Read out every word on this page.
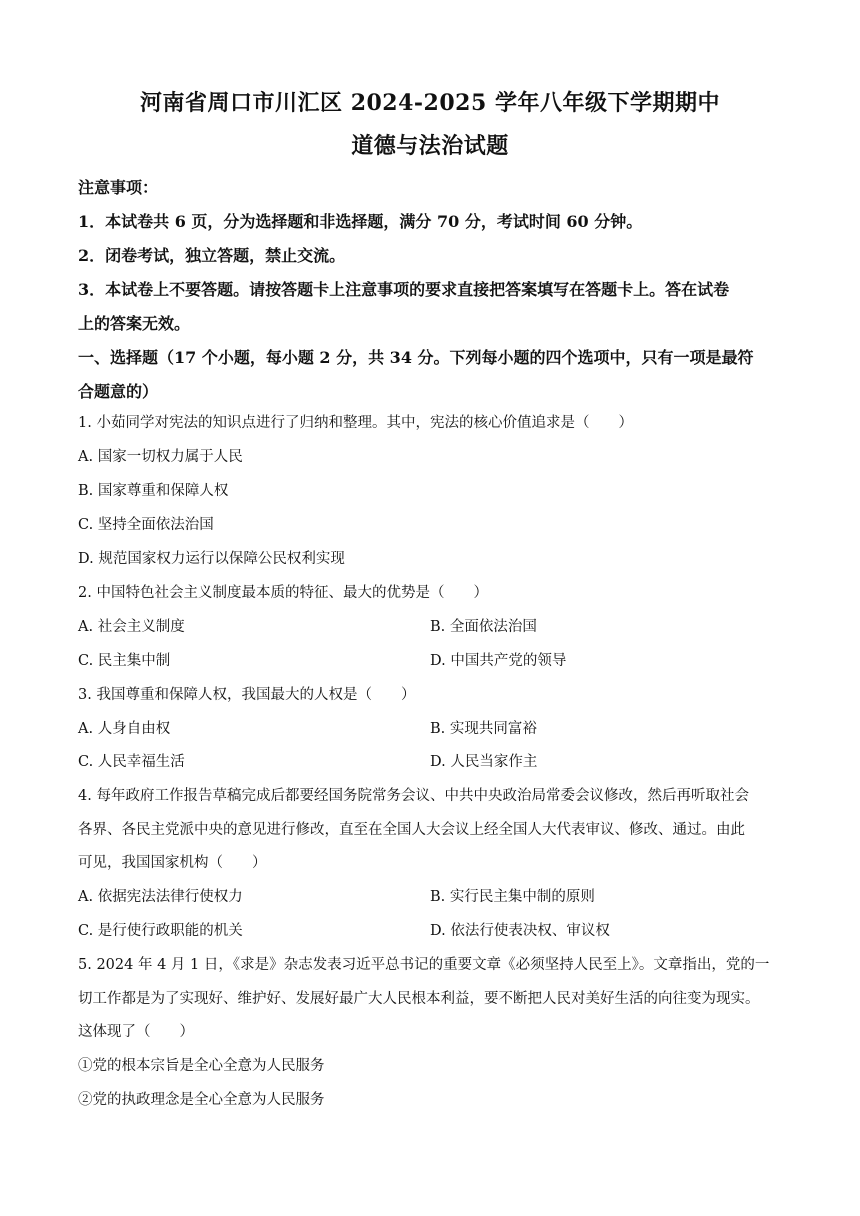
河南省周口市川汇区 2024-2025 学年八年级下学期期中
道德与法治试题
注意事项：
1．本试卷共 6 页，分为选择题和非选择题，满分 70 分，考试时间 60 分钟。
2．闭卷考试，独立答题，禁止交流。
3．本试卷上不要答题。请按答题卡上注意事项的要求直接把答案填写在答题卡上。答在试卷
上的答案无效。
一、选择题（17 个小题，每小题 2 分，共 34 分。下列每小题的四个选项中，只有一项是最符
合题意的）
1. 小茹同学对宪法的知识点进行了归纳和整理。其中，宪法的核心价值追求是（　　）
A. 国家一切权力属于人民
B. 国家尊重和保障人权
C. 坚持全面依法治国
D. 规范国家权力运行以保障公民权利实现
2. 中国特色社会主义制度最本质的特征、最大的优势是（　　）
A. 社会主义制度	B. 全面依法治国
C. 民主集中制	D. 中国共产党的领导
3. 我国尊重和保障人权，我国最大的人权是（　　）
A. 人身自由权	B. 实现共同富裕
C. 人民幸福生活	D. 人民当家作主
4. 每年政府工作报告草稿完成后都要经国务院常务会议、中共中央政治局常委会议修改，然后再听取社会
各界、各民主党派中央的意见进行修改，直至在全国人大会议上经全国人大代表审议、修改、通过。由此
可见，我国国家机构（　　）
A. 依据宪法法律行使权力	B. 实行民主集中制的原则
C. 是行使行政职能的机关	D. 依法行使表决权、审议权
5. 2024 年 4 月 1 日，《求是》杂志发表习近平总书记的重要文章《必须坚持人民至上》。文章指出，党的一
切工作都是为了实现好、维护好、发展好最广大人民根本利益，要不断把人民对美好生活的向往变为现实。
这体现了（　　）
①党的根本宗旨是全心全意为人民服务
②党的执政理念是全心全意为人民服务
